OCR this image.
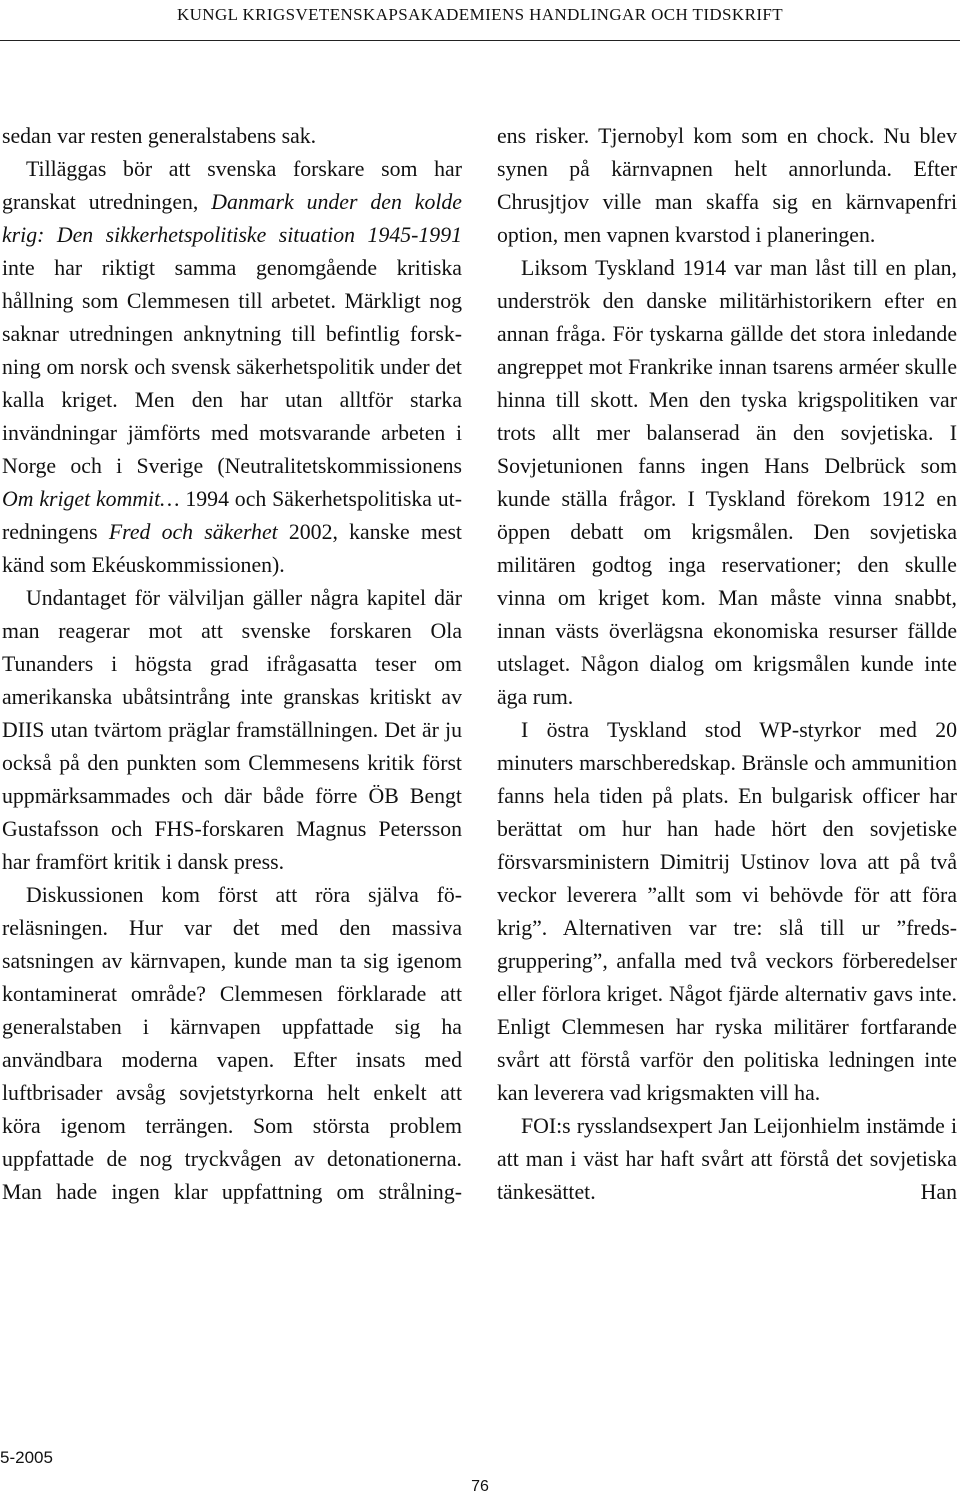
KUNGL KRIGSVETENSKAPSAKADEMIENS HANDLINGAR OCH TIDSKRIFT

sedan var resten generalstabens sak.

Tilläggas bör att svenska forskare som har granskat utredningen, Danmark under den kolde krig: Den sikkerhetspolitiske situation 1945-1991 inte har riktigt samma genomgående kritiska hållning som Clemmesen till arbetet. Märkligt nog saknar utredningen anknytning till befintlig forskning om norsk och svensk säkerhetspolitik under det kalla kriget. Men den har utan alltför starka invändningar jämförts med motsvarande arbeten i Norge och i Sverige (Neutralitetskommissionens Om kriget kommit… 1994 och Säkerhetspolitiska utredningens Fred och säkerhet 2002, kanske mest känd som Ekéuskommissionen).

Undantaget för välviljan gäller några kapitel där man reagerar mot att svenske forskaren Ola Tunanders i högsta grad ifrågasatta teser om amerikanska ubåtsintrång inte granskas kritiskt av DIIS utan tvärtom präglar framställningen. Det är ju också på den punkten som Clemmesens kritik först uppmärksammades och där både förre ÖB Bengt Gustafsson och FHS-forskaren Magnus Petersson har framfört kritik i dansk press.

Diskussionen kom först att röra själva föreläsningen. Hur var det med den massiva satsningen av kärnvapen, kunde man ta sig igenom kontaminerat område? Clemmesen förklarade att generalstaben i kärnvapen uppfattade sig ha användbara moderna vapen. Efter insats med luftbrisader avsåg sovjetstyrkorna helt enkelt att köra igenom terrängen. Som största problem uppfattade de nog tryckvågen av detonationerna. Man hade ingen klar uppfattning om strålning-

ens risker. Tjernobyl kom som en chock. Nu blev synen på kärnvapnen helt annorlunda. Efter Chrusjtjov ville man skaffa sig en kärnvapenfri option, men vapnen kvarstod i planeringen.

Liksom Tyskland 1914 var man låst till en plan, underströk den danske militärhistorikern efter en annan fråga. För tyskarna gällde det stora inledande angreppet mot Frankrike innan tsarens arméer skulle hinna till skott. Men den tyska krigspolitiken var trots allt mer balanserad än den sovjetiska. I Sovjetunionen fanns ingen Hans Delbrück som kunde ställa frågor. I Tyskland förekom 1912 en öppen debatt om krigsmålen. Den sovjetiska militären godtog inga reservationer; den skulle vinna om kriget kom. Man måste vinna snabbt, innan västs överlägsna ekonomiska resurser fällde utslaget. Någon dialog om krigsmålen kunde inte äga rum.

I östra Tyskland stod WP-styrkor med 20 minuters marschberedskap. Bränsle och ammunition fanns hela tiden på plats. En bulgarisk officer har berättat om hur han hade hört den sovjetiske försvarsministern Dimitrij Ustinov lova att på två veckor leverera ”allt som vi behövde för att föra krig”. Alternativen var tre: slå till ur ”fredsgruppering”, anfalla med två veckors förberedelser eller förlora kriget. Något fjärde alternativ gavs inte. Enligt Clemmesen har ryska militärer fortfarande svårt att förstå varför den politiska ledningen inte kan leverera vad krigsmakten vill ha.

FOI:s rysslandsexpert Jan Leijonhielm instämde i att man i väst har haft svårt att förstå det sovjetiska tänkesättet. Han

5-2005
76
